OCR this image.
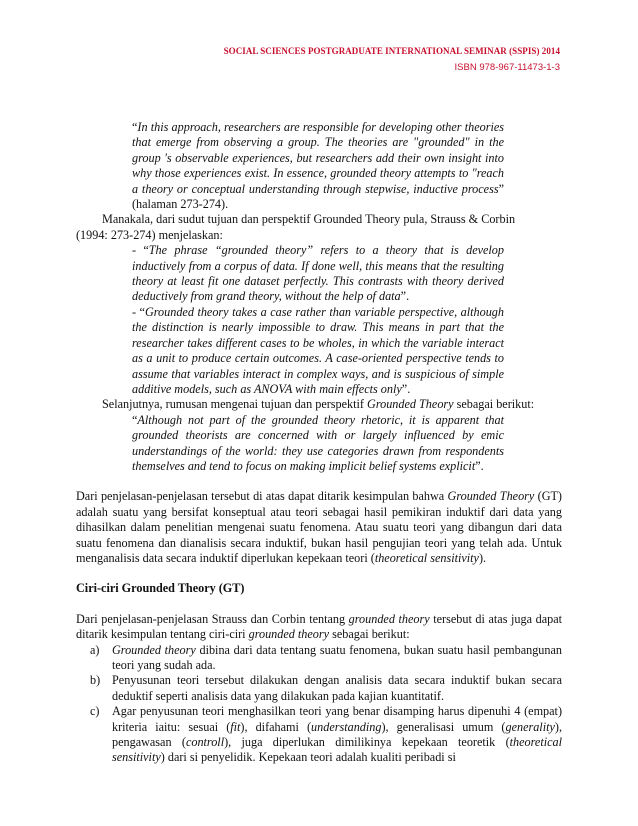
SOCIAL SCIENCES POSTGRADUATE INTERNATIONAL SEMINAR (SSPIS) 2014
ISBN 978-967-11473-1-3

“In this approach, researchers are responsible for developing other theories that emerge from observing a group. The theories are "grounded" in the group 's observable experiences, but researchers add their own insight into why those experiences exist. In essence, grounded theory attempts to "reach a theory or conceptual understanding through stepwise, inductive process” (halaman 273-274).

Manakala, dari sudut tujuan dan perspektif Grounded Theory pula, Strauss & Corbin
(1994: 273-274) menjelaskan:

- “The phrase “grounded theory” refers to a theory that is develop inductively from a corpus of data. If done well, this means that the resulting theory at least fit one dataset perfectly. This contrasts with theory derived deductively from grand theory, without the help of data”.

- “Grounded theory takes a case rather than variable perspective, although the distinction is nearly impossible to draw. This means in part that the researcher takes different cases to be wholes, in which the variable interact as a unit to produce certain outcomes. A case-oriented perspective tends to assume that variables interact in complex ways, and is suspicious of simple additive models, such as ANOVA with main effects only”.

Selanjutnya, rumusan mengenai tujuan dan perspektif Grounded Theory sebagai berikut:

“Although not part of the grounded theory rhetoric, it is apparent that grounded theorists are concerned with or largely influenced by emic understandings of the world: they use categories drawn from respondents themselves and tend to focus on making implicit belief systems explicit”.

Dari penjelasan-penjelasan tersebut di atas dapat ditarik kesimpulan bahwa Grounded Theory (GT) adalah suatu yang bersifat konseptual atau teori sebagai hasil pemikiran induktif dari data yang dihasilkan dalam penelitian mengenai suatu fenomena. Atau suatu teori yang dibangun dari data suatu fenomena dan dianalisis secara induktif, bukan hasil pengujian teori yang telah ada. Untuk menganalisis data secara induktif diperlukan kepekaan teori (theoretical sensitivity).

Ciri-ciri Grounded Theory (GT)

Dari penjelasan-penjelasan Strauss dan Corbin tentang grounded theory tersebut di atas juga dapat ditarik kesimpulan tentang ciri-ciri grounded theory sebagai berikut:

a) Grounded theory dibina dari data tentang suatu fenomena, bukan suatu hasil pembangunan teori yang sudah ada.
b) Penyusunan teori tersebut dilakukan dengan analisis data secara induktif bukan secara deduktif seperti analisis data yang dilakukan pada kajian kuantitatif.
c) Agar penyusunan teori menghasilkan teori yang benar disamping harus dipenuhi 4 (empat) kriteria iaitu: sesuai (fit), difahami (understanding), generalisasi umum (generality), pengawasan (controll), juga diperlukan dimilikinya kepekaan teoretik (theoretical sensitivity) dari si penyelidik. Kepekaan teori adalah kualiti peribadi si
